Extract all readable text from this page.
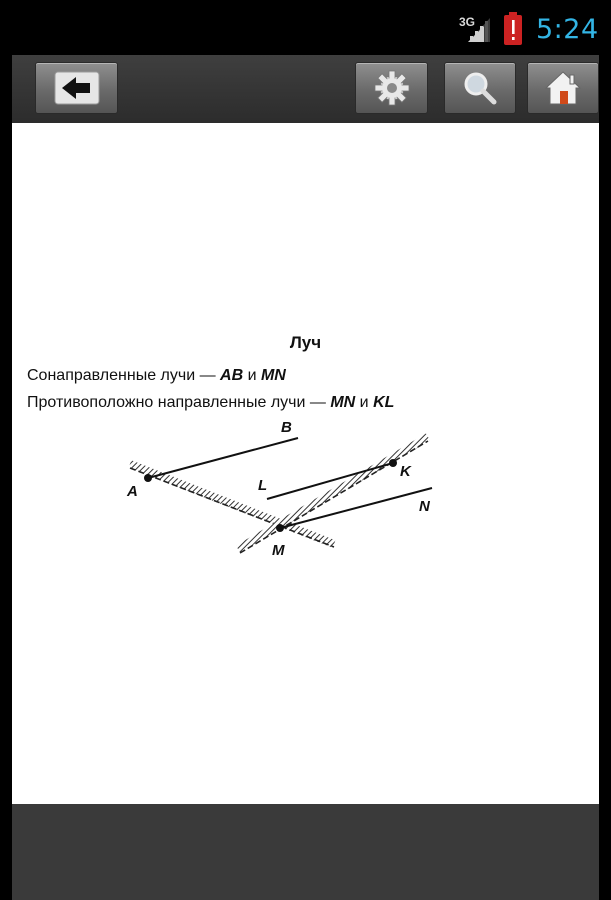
3G 5:24
Луч
Сонаправленные лучи — AB и MN
Противоположно направленные лучи — MN и KL
A
B
M
N
K
L
